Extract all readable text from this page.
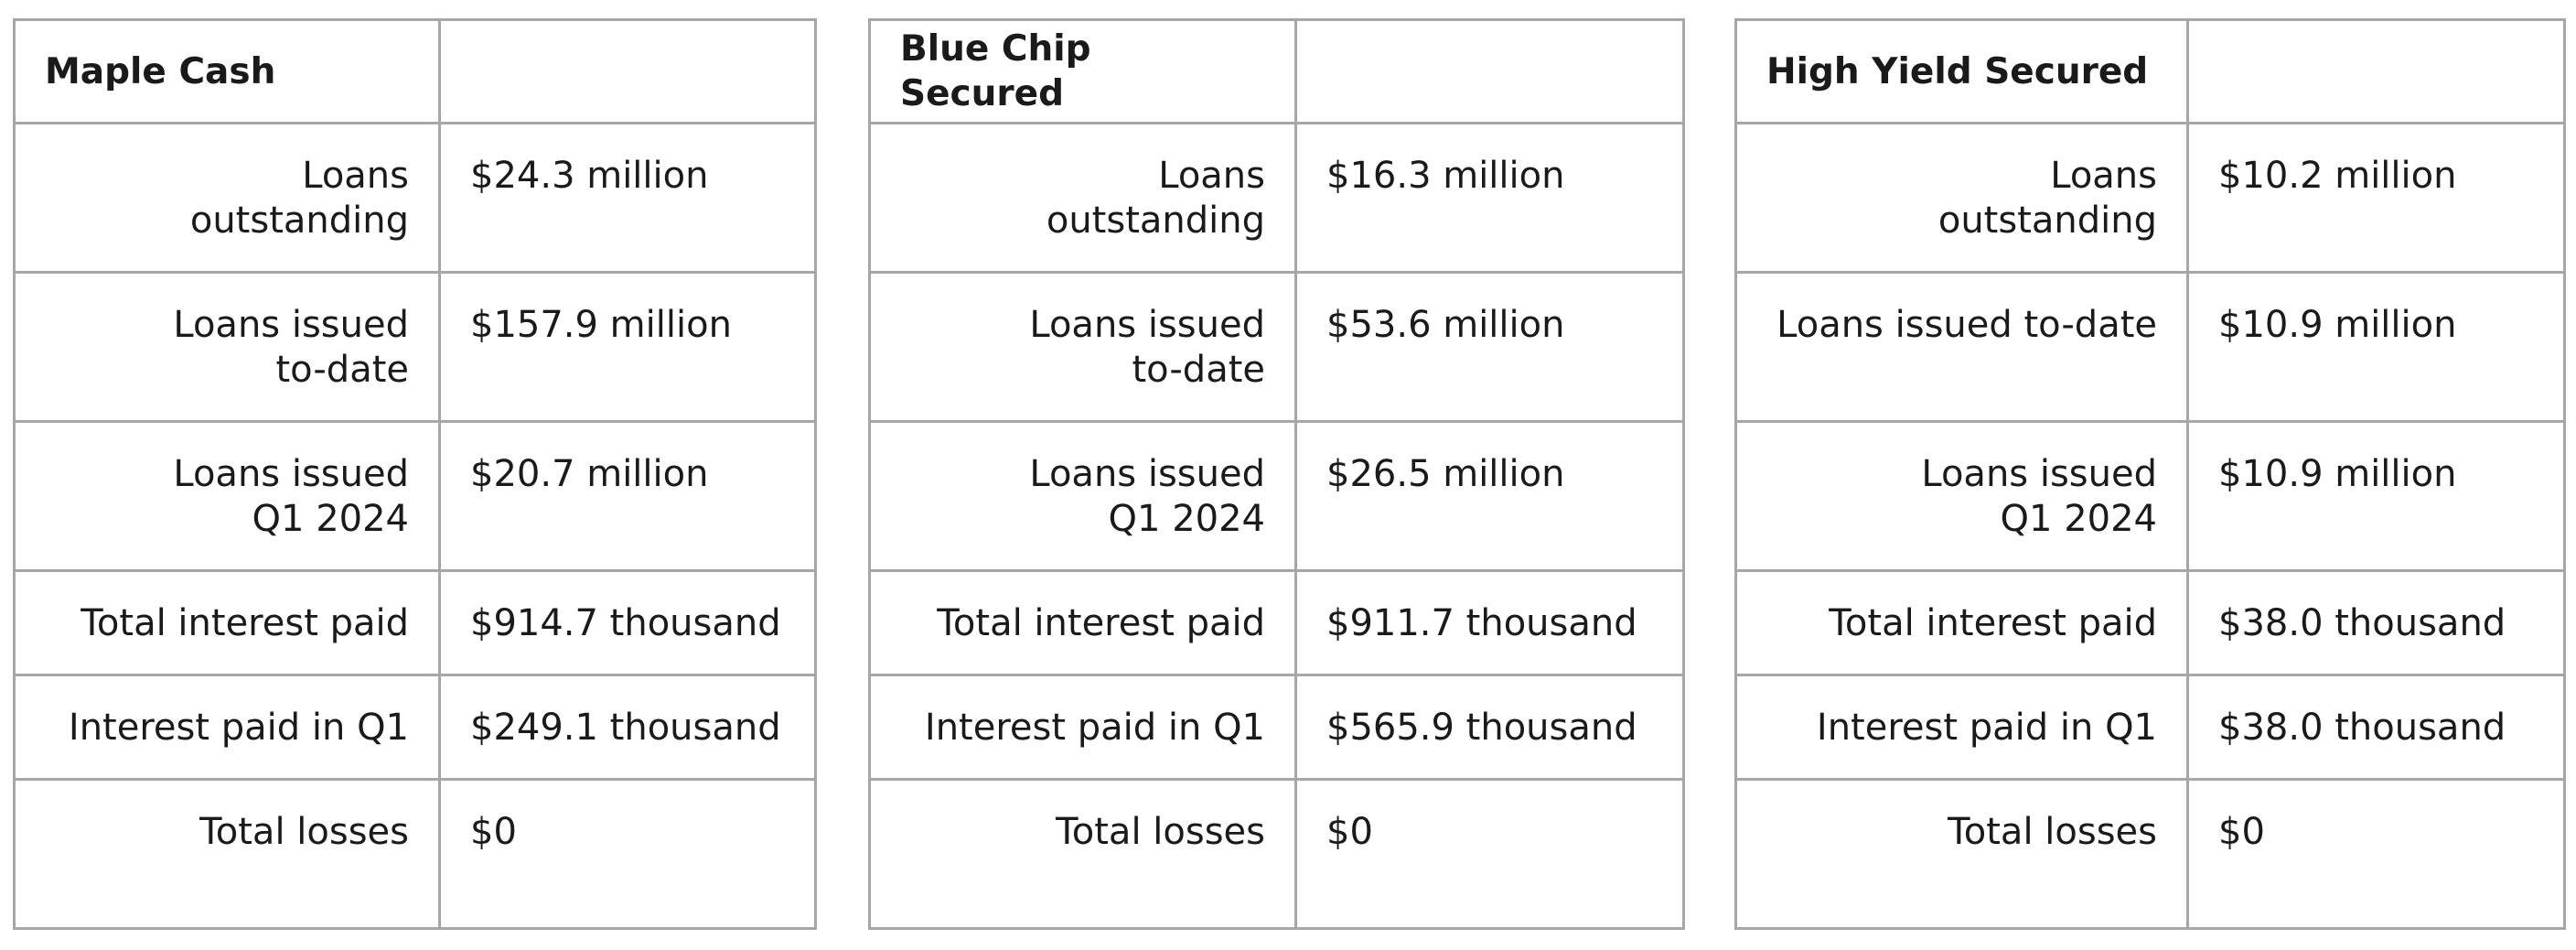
Maple Cash	

Loans
outstanding	$24.3 million

Loans issued
to-date	$157.9 million

Loans issued
Q1 2024	$20.7 million

Total interest paid	$914.7 thousand

Interest paid in Q1	$249.1 thousand

Total losses	$0
Blue Chip Secured	

Loans
outstanding	$16.3 million

Loans issued
to-date	$53.6 million

Loans issued
Q1 2024	$26.5 million

Total interest paid	$911.7 thousand

Interest paid in Q1	$565.9 thousand

Total losses	$0
High Yield Secured	

Loans
outstanding	$10.2 million

Loans issued to-date	$10.9 million

Loans issued
Q1 2024	$10.9 million

Total interest paid	$38.0 thousand

Interest paid in Q1	$38.0 thousand

Total losses	$0
